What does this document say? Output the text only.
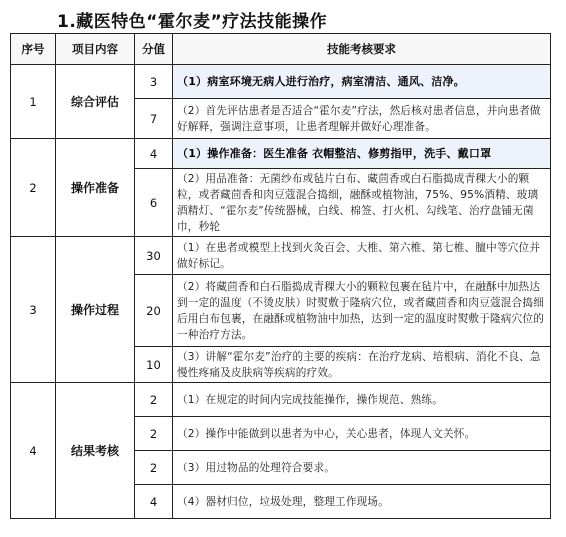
1.藏医特色“霍尔麦”疗法技能操作
序号	项目内容	分值	技能考核要求
1	综合评估	3	（1）病室环境无病人进行治疗，病室清洁、通风、洁净。
		7	（2）首先评估患者是否适合“霍尔麦”疗法，然后核对患者信息，并向患者做好解释，强调注意事项，让患者理解并做好心理准备。
2	操作准备	4	（1）操作准备：医生准备 衣帽整洁、修剪指甲，洗手、戴口罩
		6	（2）用品准备：无菌纱布或毡片白布、藏茴香或白石脂捣成青稞大小的颗粒，或者藏茴香和肉豆蔻混合捣细，融酥或植物油，75%、95%酒精、玻璃酒精灯、“霍尔麦”传统器械，白线、棉签、打火机、勾线笔、治疗盘铺无菌巾，秒轮
3	操作过程	30	（1）在患者或模型上找到火灸百会、大椎、第六椎、第七椎、膻中等穴位并做好标记。
		20	（2）将藏茴香和白石脂捣成青稞大小的颗粒包裹在毡片中，在融酥中加热达到一定的温度（不烫皮肤）时熨敷于隆病穴位，或者藏茴香和肉豆蔻混合捣细后用白布包裹，在融酥或植物油中加热，达到一定的温度时熨敷于隆病穴位的一种治疗方法。
		10	（3）讲解“霍尔麦”治疗的主要的疾病：在治疗龙病、培根病、消化不良、急慢性疼痛及皮肤病等疾病的疗效。
4	结果考核	2	（1）在规定的时间内完成技能操作，操作规范、熟练。
		2	（2）操作中能做到以患者为中心，关心患者，体现人文关怀。
		2	（3）用过物品的处理符合要求。
		4	（4）器材归位，垃圾处理，整理工作现场。
